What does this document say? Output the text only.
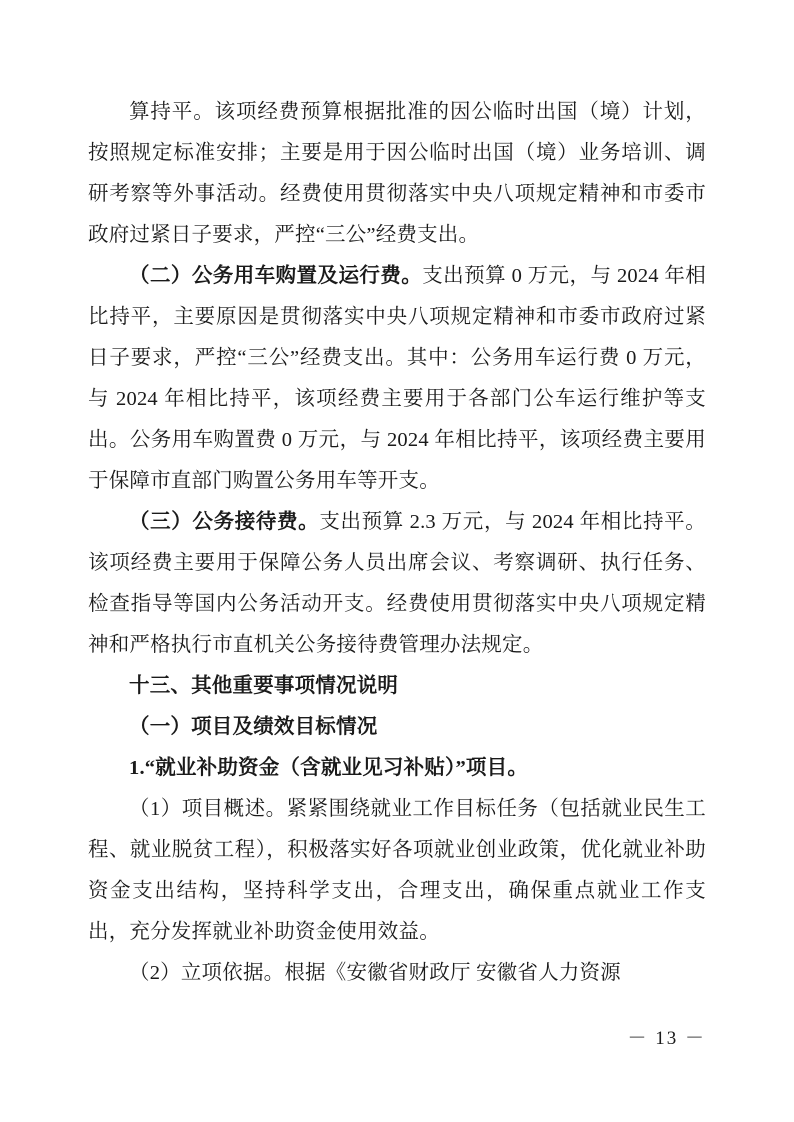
算持平。该项经费预算根据批准的因公临时出国（境）计划，按照规定标准安排；主要是用于因公临时出国（境）业务培训、调研考察等外事活动。经费使用贯彻落实中央八项规定精神和市委市政府过紧日子要求，严控“三公”经费支出。

（二）公务用车购置及运行费。支出预算 0 万元，与 2024 年相比持平，主要原因是贯彻落实中央八项规定精神和市委市政府过紧日子要求，严控“三公”经费支出。其中：公务用车运行费 0 万元，与 2024 年相比持平，该项经费主要用于各部门公车运行维护等支出。公务用车购置费 0 万元，与 2024 年相比持平，该项经费主要用于保障市直部门购置公务用车等开支。

（三）公务接待费。支出预算 2.3 万元，与 2024 年相比持平。该项经费主要用于保障公务人员出席会议、考察调研、执行任务、检查指导等国内公务活动开支。经费使用贯彻落实中央八项规定精神和严格执行市直机关公务接待费管理办法规定。

十三、其他重要事项情况说明

（一）项目及绩效目标情况

1.“就业补助资金（含就业见习补贴）”项目。

（1）项目概述。紧紧围绕就业工作目标任务（包括就业民生工程、就业脱贫工程），积极落实好各项就业创业政策，优化就业补助资金支出结构，坚持科学支出，合理支出，确保重点就业工作支出，充分发挥就业补助资金使用效益。

（2）立项依据。根据《安徽省财政厅 安徽省人力资源

－ 13 －
